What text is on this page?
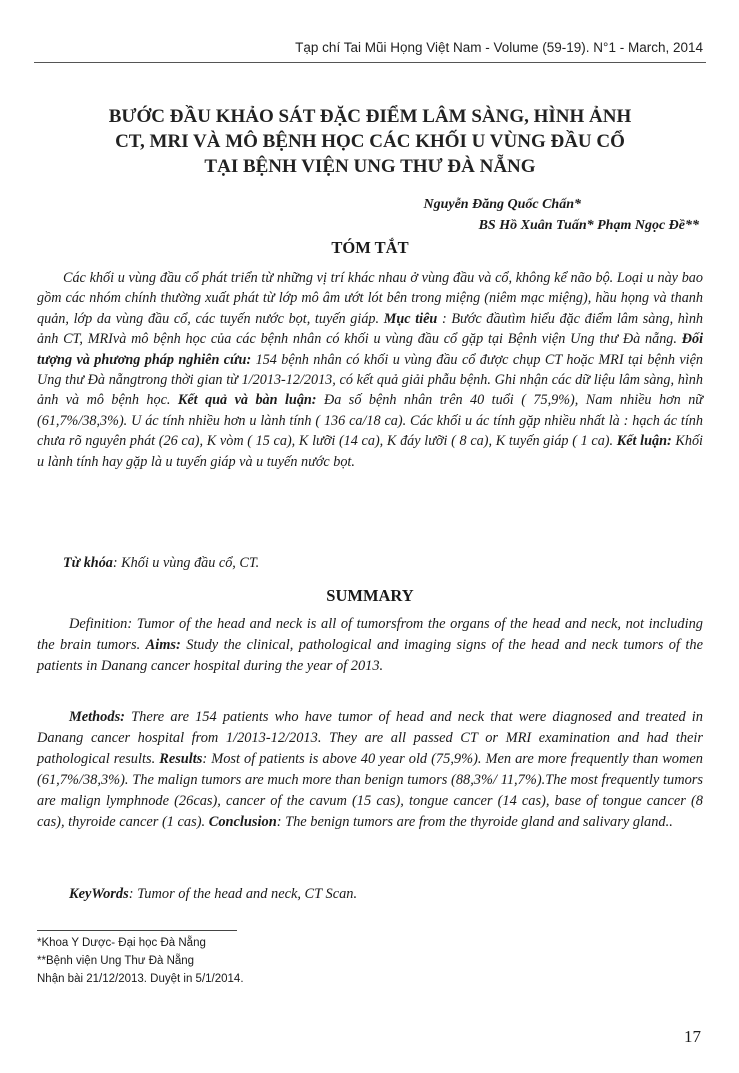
Tạp chí Tai Mũi Họng Việt Nam - Volume (59-19). N°1 - March, 2014
BƯỚC ĐẦU KHẢO SÁT ĐẶC ĐIỂM LÂM SÀNG, HÌNH ẢNH
CT, MRI VÀ MÔ BỆNH HỌC CÁC KHỐI U VÙNG ĐẦU CỔ
TẠI BỆNH VIỆN UNG THƯ ĐÀ NẴNG
Nguyễn Đăng Quốc Chấn*
BS Hồ Xuân Tuấn* Phạm Ngọc Đề**
TÓM TẮT

Các khối u vùng đầu cổ phát triển từ những vị trí khác nhau ở vùng đầu và cổ, không kể não bộ. Loại u này bao gồm các nhóm chính thường xuất phát từ lớp mô âm ướt lót bên trong miệng (niêm mạc miệng), hầu họng và thanh quản, lớp da vùng đầu cổ, các tuyến nước bọt, tuyến giáp. Mục tiêu : Bước đầutìm hiểu đặc điểm lâm sàng, hình ảnh CT, MRIvà mô bệnh học của các bệnh nhân có khối u vùng đầu cổ gặp tại Bệnh viện Ung thư Đà nẵng. Đối tượng và phương pháp nghiên cứu: 154 bệnh nhân có khối u vùng đầu cổ được chụp CT hoặc MRI tại bệnh viện Ung thư Đà nẵngtrong thời gian từ 1/2013-12/2013, có kết quả giải phẫu bệnh. Ghi nhận các dữ liệu lâm sàng, hình ảnh và mô bệnh học. Kết quả và bàn luận: Đa số bệnh nhân trên 40 tuổi ( 75,9%), Nam nhiều hơn nữ (61,7%/38,3%). U ác tính nhiều hơn u lành tính ( 136 ca/18 ca). Các khối u ác tính gặp nhiều nhất là : hạch ác tính chưa rõ nguyên phát (26 ca), K vòm ( 15 ca), K lưỡi (14 ca), K đáy lưỡi ( 8 ca), K tuyến giáp ( 1 ca). Kết luận: Khối u lành tính hay gặp là u tuyến giáp và u tuyến nước bọt.

Từ khóa: Khối u vùng đầu cổ, CT.

SUMMARY

Definition: Tumor of the head and neck is all of tumorsfrom the organs of the head and neck, not including the brain tumors. Aims: Study the clinical, pathological and imaging signs of the head and neck tumors of the patients in Danang cancer hospital during the year of 2013.

Methods: There are 154 patients who have tumor of head and neck that were diagnosed and treated in Danang cancer hospital from 1/2013-12/2013. They are all passed CT or MRI examination and had their pathological results. Results: Most of patients is above 40 year old (75,9%). Men are more frequently than women (61,7%/38,3%). The malign tumors are much more than benign tumors (88,3%/ 11,7%).The most frequently tumors are malign lymphnode (26cas), cancer of the cavum (15 cas), tongue cancer (14 cas), base of tongue cancer (8 cas), thyroide cancer (1 cas). Conclusion: The benign tumors are from the thyroide gland and salivary gland..

KeyWords: Tumor of the head and neck, CT Scan.

*Khoa Y Dược- Đại học Đà Nẵng
**Bệnh viện Ung Thư Đà Nẵng
Nhận bài 21/12/2013. Duyệt in 5/1/2014.
17
